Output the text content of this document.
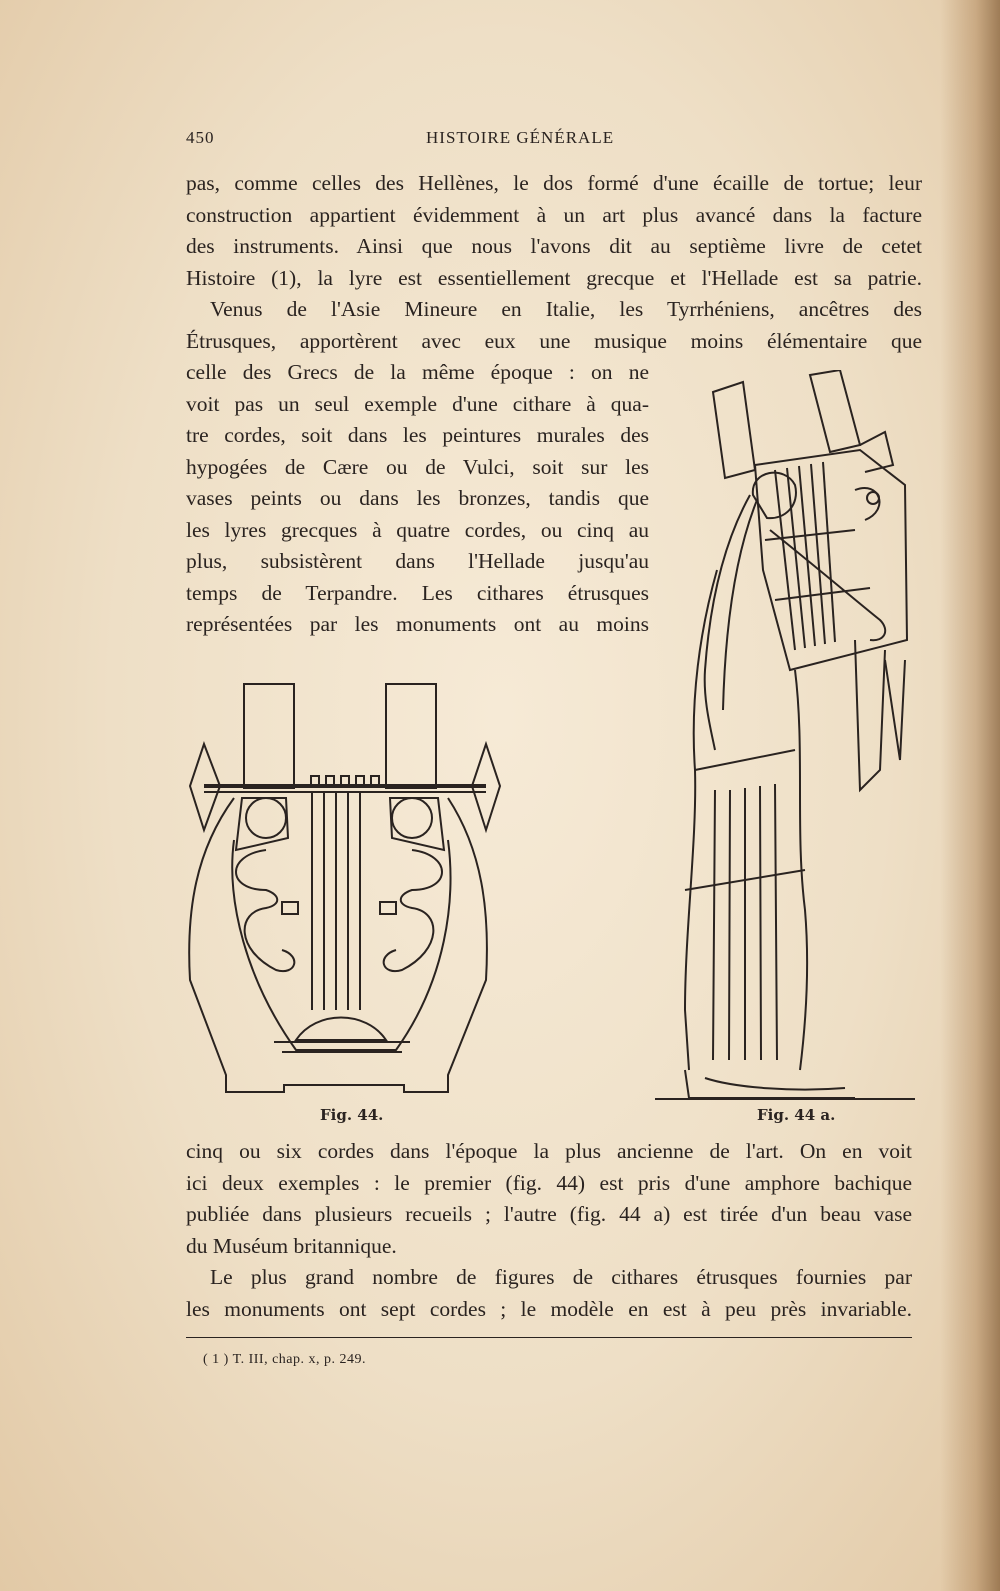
450	HISTOIRE GÉNÉRALE
pas, comme celles des Hellènes, le dos formé d'une écaille de tortue; leur
construction appartient évidemment à un art plus avancé dans la facture
des instruments. Ainsi que nous l'avons dit au septième livre de cetet
Histoire (1), la lyre est essentiellement grecque et l'Hellade est sa patrie.
Venus de l'Asie Mineure en Italie, les Tyrrhéniens, ancêtres des
Étrusques, apportèrent avec eux une musique moins élémentaire que
celle des Grecs de la même époque : on ne
voit pas un seul exemple d'une cithare à qua-
tre cordes, soit dans les peintures murales des
hypogées de Cære ou de Vulci, soit sur les
vases peints ou dans les bronzes, tandis que
les lyres grecques à quatre cordes, ou cinq au
plus, subsistèrent dans l'Hellade jusqu'au
temps de Terpandre. Les cithares étrusques
représentées par les monuments ont au moins
Fig. 44.	Fig. 44 a.
cinq ou six cordes dans l'époque la plus ancienne de l'art. On en voit
ici deux exemples : le premier (fig. 44) est pris d'une amphore bachique
publiée dans plusieurs recueils ; l'autre (fig. 44 a) est tirée d'un beau vase
du Muséum britannique.
Le plus grand nombre de figures de cithares étrusques fournies par
les monuments ont sept cordes ; le modèle en est à peu près invariable.
( 1 ) T. III, chap. x, p. 249.
